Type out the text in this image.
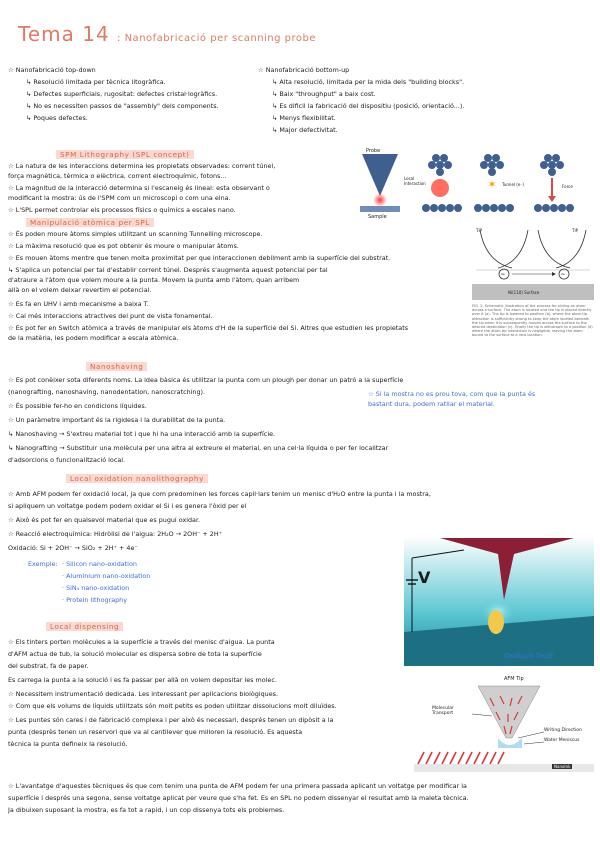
Tema 14 : Nanofabricació per scanning probe
☆ Nanofabricació top-down
↳ Resolució limitada per tècnica litogràfica.
↳ Defectes superficials, rugositat: defectes cristal·logràfics.
↳ No es necessiten passos de "assembly" dels components.
↳ Poques defectes.
☆ Nanofabricació bottom-up
↳ Alta resolució, limitada per la mida dels "building blocks".
↳ Baix "throughput" a baix cost.
↳ Es dificil la fabricació del dispositiu (posició, orientació...).
↳ Menys flexibilitat.
↳ Major defectivitat.
SPM Lithography (SPL concept)
☆ La natura de les interaccions determina les propietats observades: corrent túnel,
força magnètica, tèrmica o elèctrica, corrent electroquímic, fotons...
☆ La magnitud de la interacció determina si l'escaneig és lineal: esta observant o
modificant la mostra: ús de l'SPM com un microscopi o com una eina.
☆ L'SPL permet controlar els processos físics o químics a escales nano.
Manipulació atòmica per SPL
☆ És poden moure àtoms simples utilitzant un scanning Tunnelling microscope.
☆ La màxima resolució que es pot obtenir és moure o manipular àtoms.
☆ Es mouen àtoms mentre que tenen molta proximitat per que interaccionen debilment amb la superfície del substrat.
↳ S'aplica un potencial per tal d'establir corrent túnel. Després s'augmenta aquest potencial per tal
d'atraure a l'àtom que volem moure a la punta. Movem la punta amb l'àtom, quan arribem
allà on el volem deixar revertim el potencial.
☆ Es fa en UHV i amb mecanisme a baixa T.
☆ Cal més interaccions atractives del punt de vista fonamental.
☆ Es pot fer en Switch atòmica a través de manipular els àtoms d'H de la superfície del Si. Altres que estudien les propietats
de la matèria, les podem modificar a escala atòmica.
✶
Probe
Local Interaction
Sample
Tunnel (e⁻)	Force
TIP	TIP
Xe	Xe
Ni(110) Surface
FIG. 2. Schematic illustration of the process for sliding an atom across a surface. The atom is located and the tip is placed directly over it (a). The tip is lowered to position (b), where the atom-tip attraction is sufficiently strong to keep the atom located beneath the tip when it is subsequently moved across the surface to the desired destination (c). Finally the tip is withdrawn to a position (d) where the atom-tip interaction is negligible, leaving the atom bound to the surface at a new location.
Nanoshaving
☆ Es pot conèixer sota diferents noms. La idea bàsica és utilitzar la punta com un plough per donar un patró a la superfície
(nanografting, nanoshaving, nanodentation, nanoscratching).
☆ És possible fer-ho en condicions líquides.
☆ Un paràmetre important és la rigidesa i la durabilitat de la punta.
↳ Nanoshaving → S'extreu material tot i que hi ha una interacció amb la superfície.
↳ Nanografting → Substituir una molècula per una altra al extreure el material, en una cel·la líquida o per fer localitzar
d'adsorcions o funcionalització local.
☆ Si la mostra no es prou tova, com que la punta és
bastant dura, podem ratllar el material.
Local oxidation nanolithography
☆ Amb AFM podem fer oxidació local, ja que com predominen les forces capil·lars tenim un menisc d'H₂O entre la punta i la mostra,
si apliquem un voltatge podem podem oxidar el Si i es genera l'òxid per el
☆ Això és pot fer en qualsevol material que es pugui oxidar.
☆ Reacció electroquímica: Hidròlisi de l'aigua: 2H₂O → 2OH⁻ + 2H⁺
Oxidació: Si + 2OH⁻ → SiO₂ + 2H⁺ + 4e⁻
Exemple: · Silicon nano-oxidation
· Aluminium nano-oxidation
· SiN₄ nano-oxidation
· Protein lithography
V
Oxidació local
Local dispensing
☆ Els tinters porten molècules a la superfície a través del menisc d'aigua. La punta
d'AFM actua de tub, la solució molecular es dispersa sobre de tota la superfície
del substrat, fa de paper.
Es carrega la punta a la solució i es fa passar per allà on volem depositar les molec.
☆ Necessitem instrumentació dedicada. Les interessant per aplicacions biològiques.
☆ Com que els volums de líquids utilitzats són molt petits es poden utilitzar dissolucions molt diluïdes.
☆ Les puntes són cares i de fabricació complexa i per això és necessari, després tenen un dipòsit a la
punta (desprès tenen un reservori que va al cantilever que milloren la resolució. Es aquesta
tècnica la punta defineix la resolució.
☆ L'avantatge d'aquestes tècniques és que com tenim una punta de AFM podem fer una primera passada aplicant un voltatge per modificar la
superfície i després una segona, sense voltatge aplicat per veure que s'ha fet. Es en SPL no podem dissenyar el resultat amb la maleta tècnica.
Ja dibuixen suposant la mostra, es fa tot a rapid, i un cop dissenya tots els problemes.
AFM Tip
Molecular Transport
Writing Direction
Water Meniscus
NanoInk
